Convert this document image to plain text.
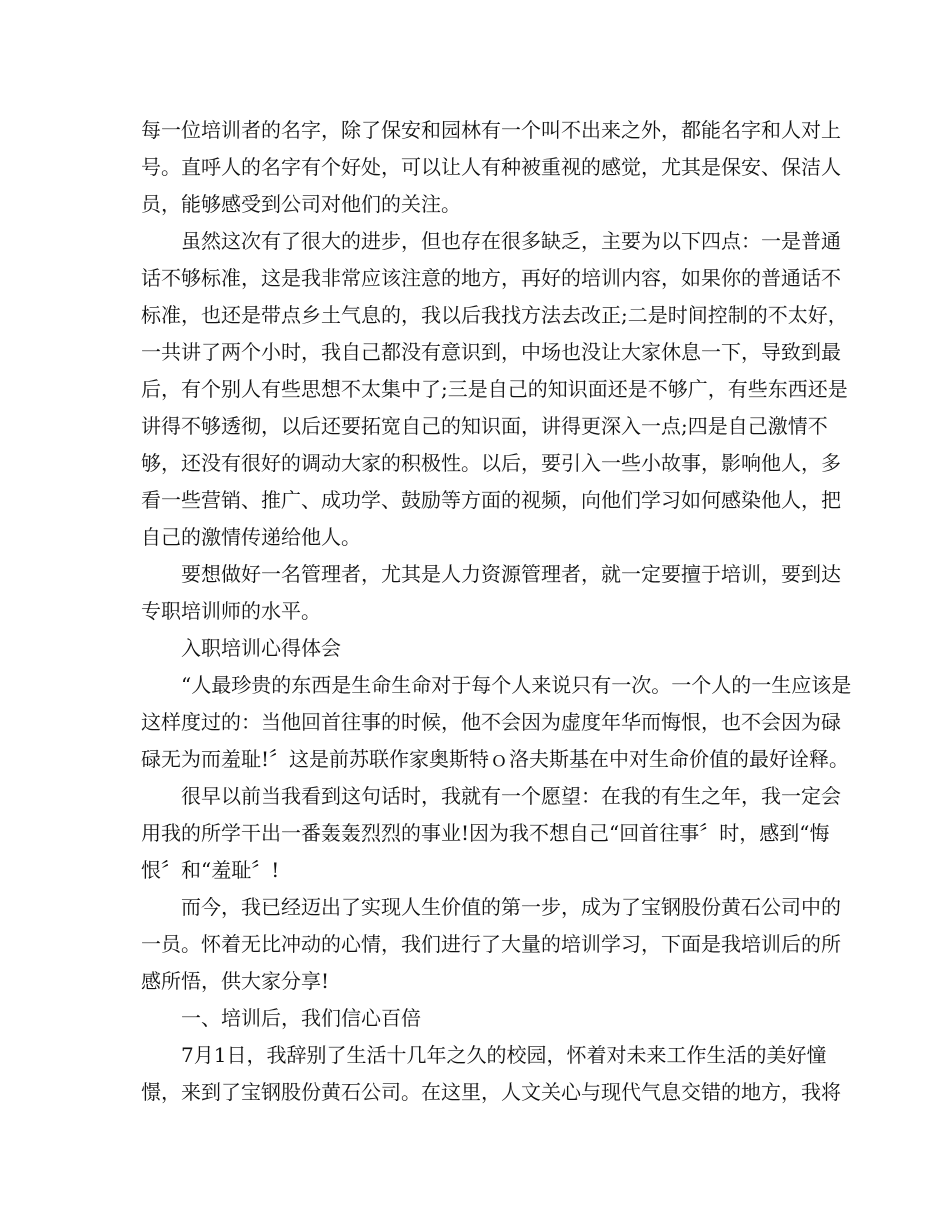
每一位培训者的名字，除了保安和园林有一个叫不出来之外，都能名字和人对上
号。直呼人的名字有个好处，可以让人有种被重视的感觉，尤其是保安、保洁人
员，能够感受到公司对他们的关注。
虽然这次有了很大的进步，但也存在很多缺乏，主要为以下四点：一是普通
话不够标准，这是我非常应该注意的地方，再好的培训内容，如果你的普通话不
标准，也还是带点乡土气息的，我以后我找方法去改正;二是时间控制的不太好，
一共讲了两个小时，我自己都没有意识到，中场也没让大家休息一下，导致到最
后，有个别人有些思想不太集中了;三是自己的知识面还是不够广，有些东西还是
讲得不够透彻，以后还要拓宽自己的知识面，讲得更深入一点;四是自己激情不
够，还没有很好的调动大家的积极性。以后，要引入一些小故事，影响他人，多
看一些营销、推广、成功学、鼓励等方面的视频，向他们学习如何感染他人，把
自己的激情传递给他人。
要想做好一名管理者，尤其是人力资源管理者，就一定要擅于培训，要到达
专职培训师的水平。
入职培训心得体会
“人最珍贵的东西是生命生命对于每个人来说只有一次。一个人的一生应该是
这样度过的：当他回首往事的时候，他不会因为虚度年华而悔恨，也不会因为碌
碌无为而羞耻!〞这是前苏联作家奥斯特ｏ洛夫斯基在中对生命价值的最好诠释。
很早以前当我看到这句话时，我就有一个愿望：在我的有生之年，我一定会
用我的所学干出一番轰轰烈烈的事业!因为我不想自己“回首往事〞时，感到“悔
恨〞和“羞耻〞!
而今，我已经迈出了实现人生价值的第一步，成为了宝钢股份黄石公司中的
一员。怀着无比冲动的心情，我们进行了大量的培训学习，下面是我培训后的所
感所悟，供大家分享!
一、培训后，我们信心百倍
7月1日，我辞别了生活十几年之久的校园，怀着对未来工作生活的美好憧
憬，来到了宝钢股份黄石公司。在这里，人文关心与现代气息交错的地方，我将
